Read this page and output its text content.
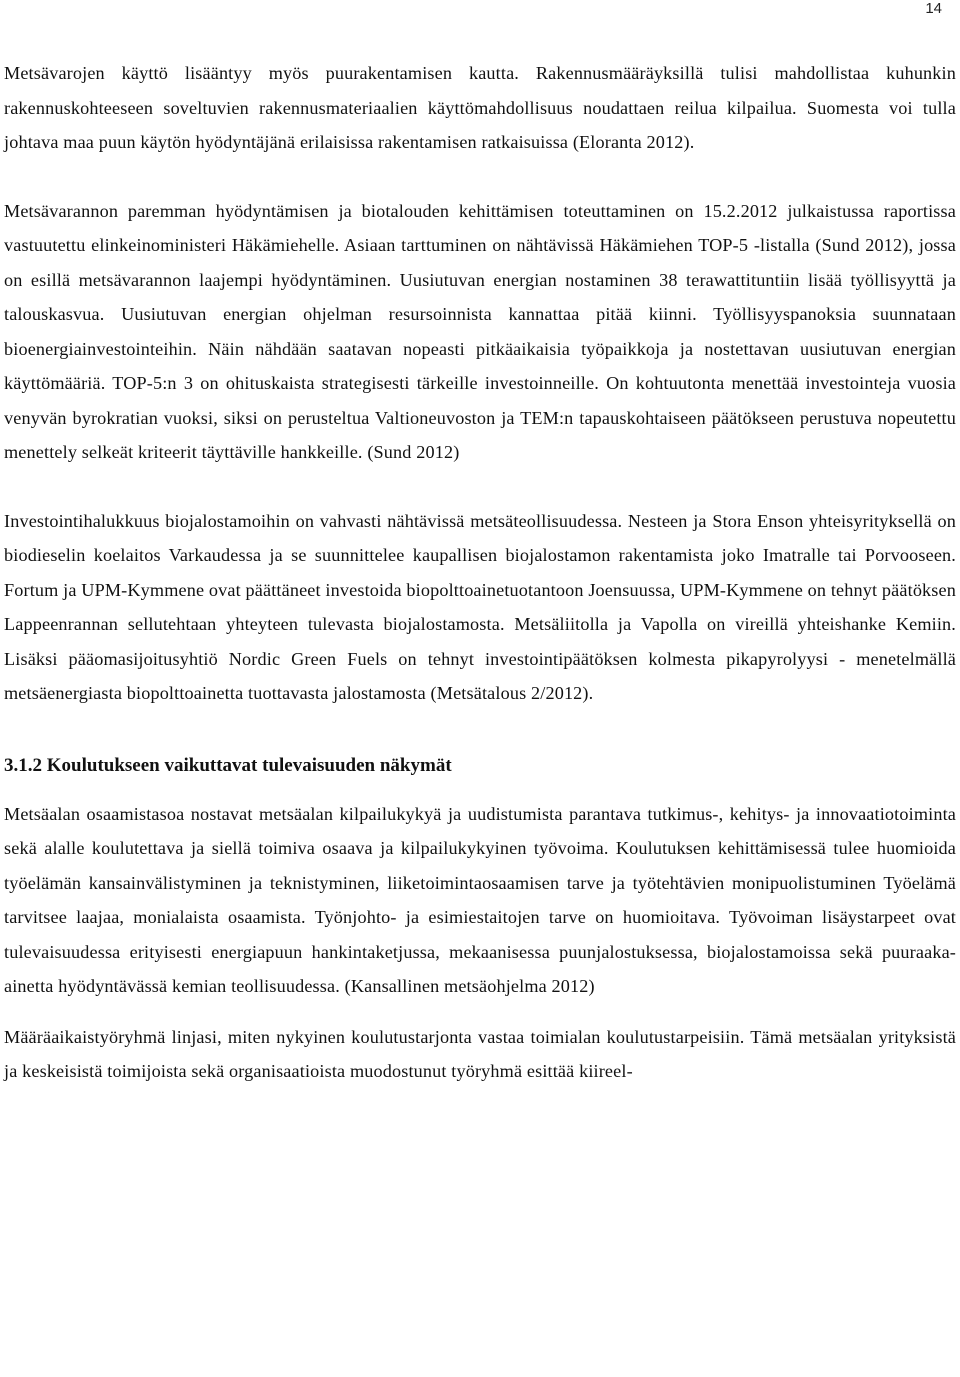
14

Metsävarojen käyttö lisääntyy myös puurakentamisen kautta. Rakennusmääräyksillä tulisi mahdollistaa kuhunkin rakennuskohteeseen soveltuvien rakennusmateriaalien käyttömahdollisuus noudattaen reilua kilpailua. Suomesta voi tulla johtava maa puun käytön hyödyntäjänä erilaisissa rakentamisen ratkaisuissa (Eloranta 2012).

Metsävarannon paremman hyödyntämisen ja biotalouden kehittämisen toteuttaminen on 15.2.2012 julkaistussa raportissa vastuutettu elinkeinoministeri Häkämiehelle. Asiaan tarttuminen on nähtävissä Häkämiehen TOP-5 -listalla (Sund 2012), jossa on esillä metsävarannon laajempi hyödyntäminen. Uusiutuvan energian nostaminen 38 terawattituntiin lisää työllisyyttä ja talouskasvua. Uusiutuvan energian ohjelman resursoinnista kannattaa pitää kiinni. Työllisyyspanoksia suunnataan bioenergiainvestointeihin. Näin nähdään saatavan nopeasti pitkäaikaisia työpaikkoja ja nostettavan uusiutuvan energian käyttömääriä. TOP-5:n 3 on ohituskaista strategisesti tärkeille investoinneille. On kohtuutonta menettää investointeja vuosia venyvän byrokratian vuoksi, siksi on perusteltua Valtioneuvoston ja TEM:n tapauskohtaiseen päätökseen perustuva nopeutettu menettely selkeät kriteerit täyttäville hankkeille. (Sund 2012)

Investointihalukkuus biojalostamoihin on vahvasti nähtävissä metsäteollisuudessa. Nesteen ja Stora Enson yhteisyrityksellä on biodieselin koelaitos Varkaudessa ja se suunnittelee kaupallisen biojalostamon rakentamista joko Imatralle tai Porvooseen. Fortum ja UPM-Kymmene ovat päättäneet investoida biopolttoainetuotantoon Joensuussa, UPM-Kymmene on tehnyt päätöksen Lappeenrannan sellutehtaan yhteyteen tulevasta biojalostamosta. Metsäliitolla ja Vapolla on vireillä yhteishanke Kemiin. Lisäksi pääomasijoitusyhtiö Nordic Green Fuels on tehnyt investointipäätöksen kolmesta pikapyrolyysi - menetelmällä metsäenergiasta biopolttoainetta tuottavasta jalostamosta (Metsätalous 2/2012).

3.1.2 Koulutukseen vaikuttavat tulevaisuuden näkymät

Metsäalan osaamistasoa nostavat metsäalan kilpailukykyä ja uudistumista parantava tutkimus-, kehitys- ja innovaatiotoiminta sekä alalle koulutettava ja siellä toimiva osaava ja kilpailukykyinen työvoima. Koulutuksen kehittämisessä tulee huomioida työelämän kansainvälistyminen ja teknistyminen, liiketoimintaosaamisen tarve ja työtehtävien monipuolistuminen Työelämä tarvitsee laajaa, monialaista osaamista. Työnjohto- ja esimiestaitojen tarve on huomioitava. Työvoiman lisäystarpeet ovat tulevaisuudessa erityisesti energiapuun hankintaketjussa, mekaanisessa puunjalostuksessa, biojalostamoissa sekä puuraaka-ainetta hyödyntävässä kemian teollisuudessa. (Kansallinen metsäohjelma 2012)

Määräaikaistyöryhmä linjasi, miten nykyinen koulutustarjonta vastaa toimialan koulutustarpeisiin. Tämä metsäalan yrityksistä ja keskeisistä toimijoista sekä organisaatioista muodostunut työryhmä esittää kiireel-
